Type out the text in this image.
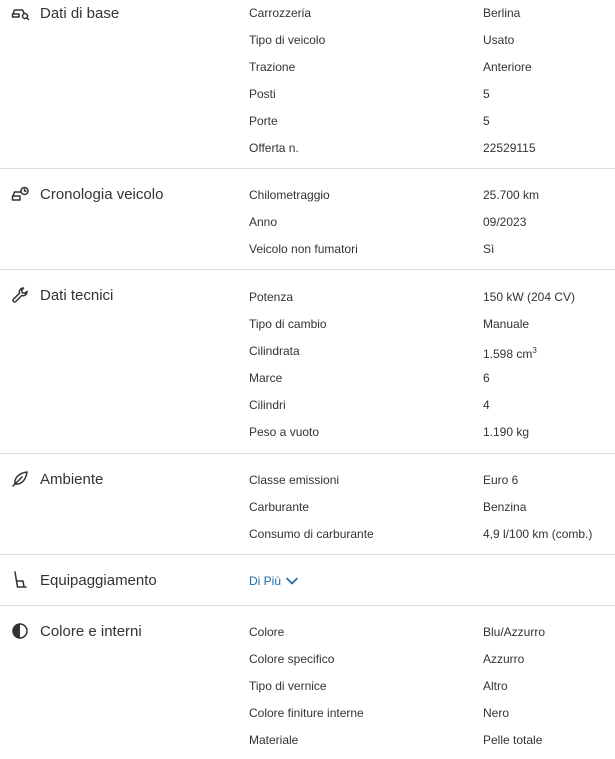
Dati di base	Carrozzeria	Berlina
Tipo di veicolo	Usato
Trazione	Anteriore
Posti	5
Porte	5
Offerta n.	22529115
Cronologia veicolo	Chilometraggio	25.700 km
Anno	09/2023
Veicolo non fumatori	Sì
Dati tecnici	Potenza	150 kW (204 CV)
Tipo di cambio	Manuale
Cilindrata	1.598 $cm^3$
Marce	6
Cilindri	4
Peso a vuoto	1.190 kg
Ambiente	Classe emissioni	Euro 6
Carburante	Benzina
Consumo di carburante	4,9 l/100 km (comb.)
Equipaggiamento	Di Più
Colore e interni	Colore	Blu/Azzurro
Colore specifico	Azzurro
Tipo di vernice	Altro
Colore finiture interne	Nero
Materiale	Pelle totale
